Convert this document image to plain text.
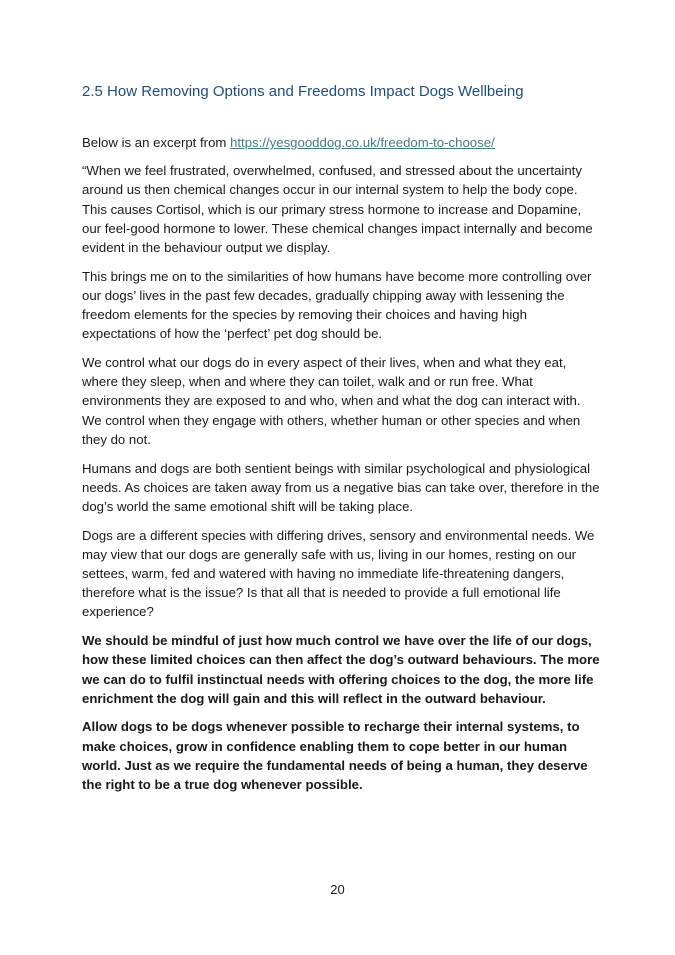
2.5 How Removing Options and Freedoms Impact Dogs Wellbeing

Below is an excerpt from https://yesgooddog.co.uk/freedom-to-choose/

“When we feel frustrated, overwhelmed, confused, and stressed about the uncertainty
around us then chemical changes occur in our internal system to help the body cope.
This causes Cortisol, which is our primary stress hormone to increase and Dopamine,
our feel-good hormone to lower. These chemical changes impact internally and become
evident in the behaviour output we display.

This brings me on to the similarities of how humans have become more controlling over
our dogs’ lives in the past few decades, gradually chipping away with lessening the
freedom elements for the species by removing their choices and having high
expectations of how the ‘perfect’ pet dog should be.

We control what our dogs do in every aspect of their lives, when and what they eat,
where they sleep, when and where they can toilet, walk and or run free. What
environments they are exposed to and who, when and what the dog can interact with.
We control when they engage with others, whether human or other species and when
they do not.

Humans and dogs are both sentient beings with similar psychological and physiological
needs. As choices are taken away from us a negative bias can take over, therefore in the
dog’s world the same emotional shift will be taking place.

Dogs are a different species with differing drives, sensory and environmental needs. We
may view that our dogs are generally safe with us, living in our homes, resting on our
settees, warm, fed and watered with having no immediate life-threatening dangers,
therefore what is the issue? Is that all that is needed to provide a full emotional life
experience?

We should be mindful of just how much control we have over the life of our dogs,
how these limited choices can then affect the dog’s outward behaviours. The more
we can do to fulfil instinctual needs with offering choices to the dog, the more life
enrichment the dog will gain and this will reflect in the outward behaviour.

Allow dogs to be dogs whenever possible to recharge their internal systems, to
make choices, grow in confidence enabling them to cope better in our human
world. Just as we require the fundamental needs of being a human, they deserve
the right to be a true dog whenever possible.

20
